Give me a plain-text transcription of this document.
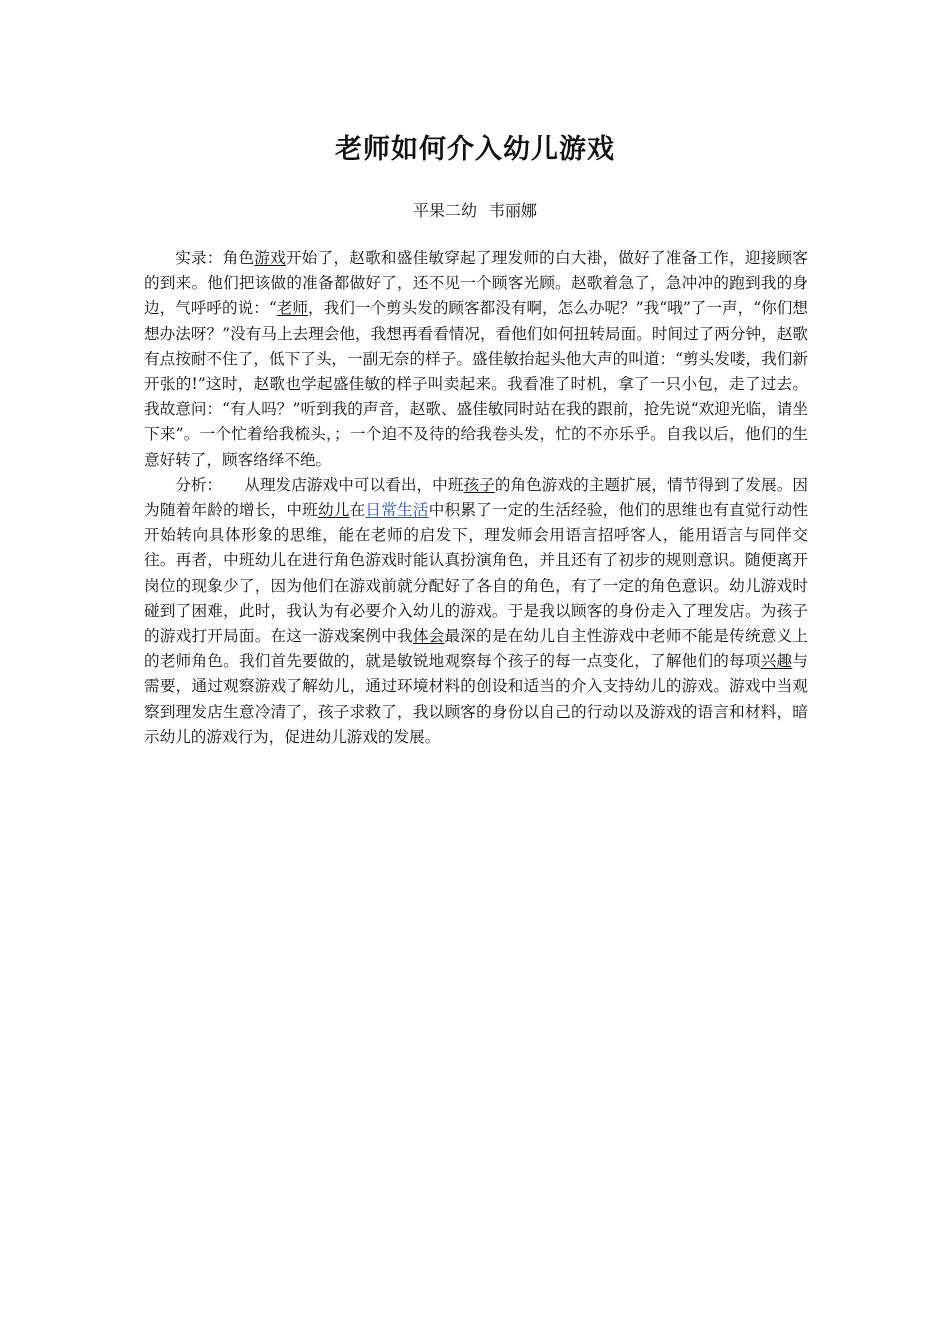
老师如何介入幼儿游戏
平果二幼 韦丽娜

实录：角色游戏开始了，赵歌和盛佳敏穿起了理发师的白大褂，做好了准备工作，迎接顾客的到来。他们把该做的准备都做好了，还不见一个顾客光顾。赵歌着急了，急冲冲的跑到我的身边，气呼呼的说：“老师，我们一个剪头发的顾客都没有啊，怎么办呢？”我“哦”了一声，“你们想想办法呀？”没有马上去理会他，我想再看看情况，看他们如何扭转局面。时间过了两分钟，赵歌有点按耐不住了，低下了头，一副无奈的样子。盛佳敏抬起头他大声的叫道：“剪头发喽，我们新开张的!”这时，赵歌也学起盛佳敏的样子叫卖起来。我看准了时机，拿了一只小包，走了过去。我故意问：“有人吗？”听到我的声音，赵歌、盛佳敏同时站在我的跟前，抢先说“欢迎光临，请坐下来”。一个忙着给我梳头，；一个迫不及待的给我卷头发，忙的不亦乐乎。自我以后，他们的生意好转了，顾客络绎不绝。

分析： 从理发店游戏中可以看出，中班孩子的角色游戏的主题扩展，情节得到了发展。因为随着年龄的增长，中班幼儿在日常生活中积累了一定的生活经验，他们的思维也有直觉行动性开始转向具体形象的思维，能在老师的启发下，理发师会用语言招呼客人，能用语言与同伴交往。再者，中班幼儿在进行角色游戏时能认真扮演角色，并且还有了初步的规则意识。随便离开岗位的现象少了，因为他们在游戏前就分配好了各自的角色，有了一定的角色意识。幼儿游戏时碰到了困难，此时，我认为有必要介入幼儿的游戏。于是我以顾客的身份走入了理发店。为孩子的游戏打开局面。在这一游戏案例中我体会最深的是在幼儿自主性游戏中老师不能是传统意义上的老师角色。我们首先要做的，就是敏锐地观察每个孩子的每一点变化，了解他们的每项兴趣与需要，通过观察游戏了解幼儿，通过环境材料的创设和适当的介入支持幼儿的游戏。游戏中当观察到理发店生意冷清了，孩子求救了，我以顾客的身份以自己的行动以及游戏的语言和材料，暗示幼儿的游戏行为，促进幼儿游戏的发展。
